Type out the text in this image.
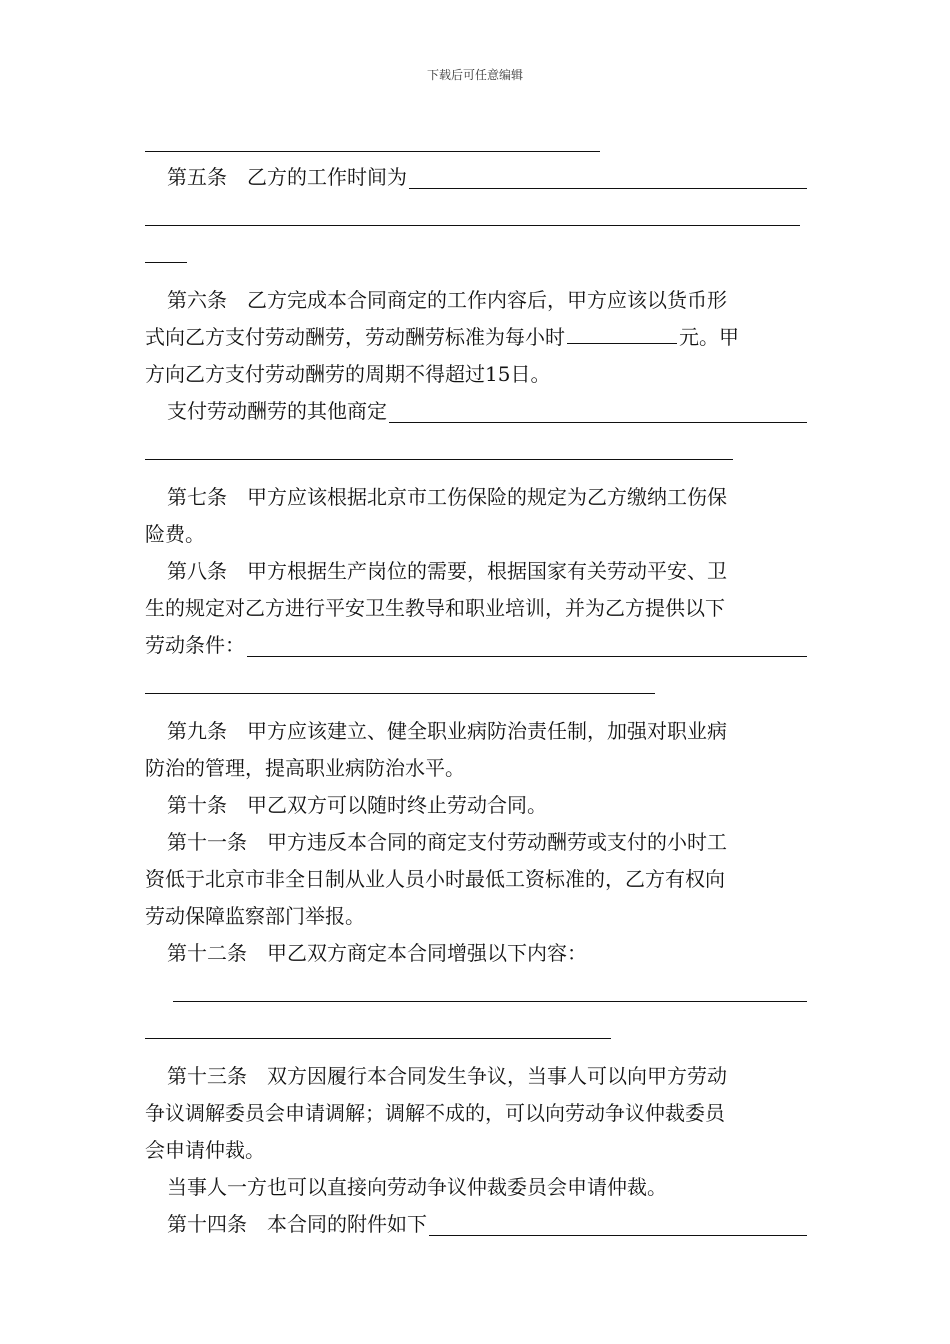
下载后可任意编辑
第五条　乙方的工作时间为

第六条　乙方完成本合同商定的工作内容后，甲方应该以货币形

式向乙方支付劳动酬劳，劳动酬劳标准为每小时	元。甲

方向乙方支付劳动酬劳的周期不得超过15日。

支付劳动酬劳的其他商定

第七条　甲方应该根据北京市工伤保险的规定为乙方缴纳工伤保

险费。

第八条　甲方根据生产岗位的需要，根据国家有关劳动平安、卫

生的规定对乙方进行平安卫生教导和职业培训，并为乙方提供以下

劳动条件：

第九条　甲方应该建立、健全职业病防治责任制，加强对职业病

防治的管理，提高职业病防治水平。

第十条　甲乙双方可以随时终止劳动合同。

第十一条　甲方违反本合同的商定支付劳动酬劳或支付的小时工

资低于北京市非全日制从业人员小时最低工资标准的，乙方有权向

劳动保障监察部门举报。

第十二条　甲乙双方商定本合同增强以下内容：

第十三条　双方因履行本合同发生争议，当事人可以向甲方劳动

争议调解委员会申请调解；调解不成的，可以向劳动争议仲裁委员

会申请仲裁。

当事人一方也可以直接向劳动争议仲裁委员会申请仲裁。

第十四条　本合同的附件如下
